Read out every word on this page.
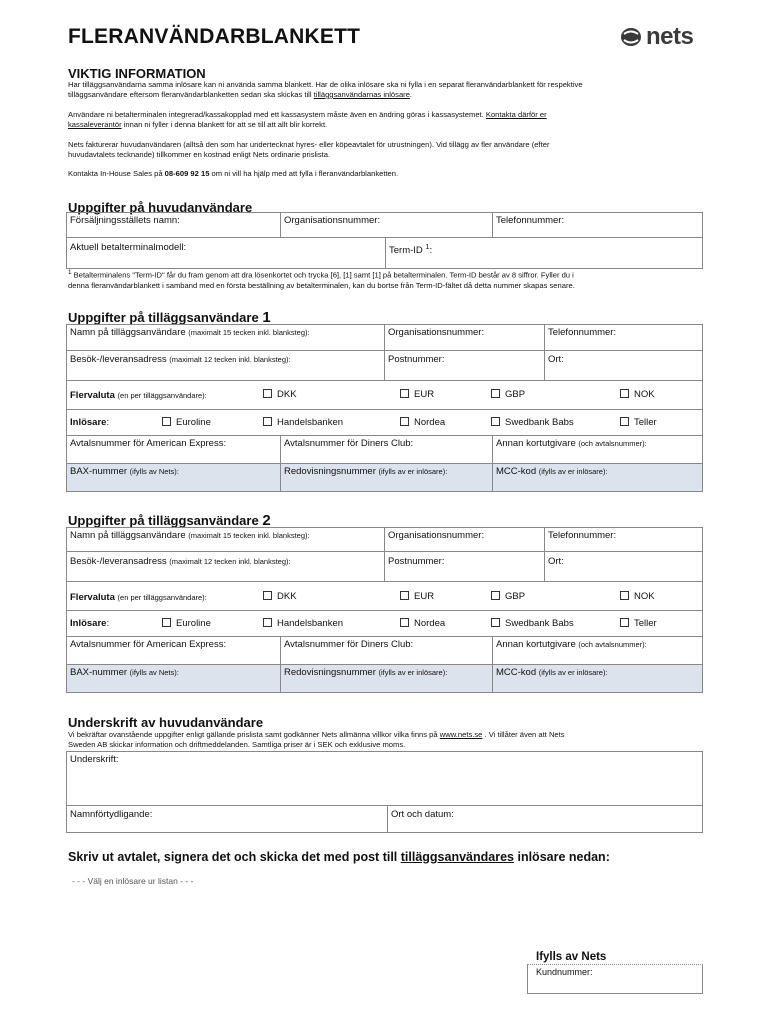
FLERANVÄNDARBLANKETT	nets
VIKTIG INFORMATION
Har tilläggsanvändarna samma inlösare kan ni använda samma blankett. Har de olika inlösare ska ni fylla i en separat fleranvändarblankett för respektive
tilläggsanvändare eftersom fleranvändarblanketten sedan ska skickas till tilläggsanvändarnas inlösare.
Användare ni betalterminalen integrerad/kassakopplad med ett kassasystem måste även en ändring göras i kassasystemet. Kontakta därför er
kassaleverantör innan ni fyller i denna blankett för att se till att allt blir korrekt.
Nets fakturerar huvudanvändaren (alltså den som har undertecknat hyres- eller köpeavtalet för utrustningen). Vid tillägg av fler användare (efter
huvudavtalets tecknande) tillkommer en kostnad enligt Nets ordinarie prislista.
Kontakta In-House Sales på 08-609 92 15 om ni vill ha hjälp med att fylla i fleranvändarblanketten.
Uppgifter på huvudanvändare
Försäljningsställets namn:	Organisationsnummer:	Telefonnummer:
Aktuell betalterminalmodell:	Term-ID $^1$:
$^1$ Betalterminalens "Term-ID" får du fram genom att dra lösenkortet och trycka [6], [1] samt [1] på betalterminalen. Term-ID består av 8 siffror. Fyller du i
denna fleranvändarblankett i samband med en första beställning av betalterminalen, kan du bortse från Term-ID-fältet då detta nummer skapas senare.
Uppgifter på tilläggsanvändare 1
Namn på tilläggsanvändare (maximalt 15 tecken inkl. blanksteg):	Organisationsnummer:	Telefonnummer:
Besök-/leveransadress (maximalt 12 tecken inkl. blanksteg):	Postnummer:	Ort:
Flervaluta (en per tilläggsanvändare):	DKK	EUR	GBP	NOK
Inlösare:	Euroline	Handelsbanken	Nordea	Swedbank Babs	Teller
Avtalsnummer för American Express:	Avtalsnummer för Diners Club:	Annan kortutgivare (och avtalsnummer):
BAX-nummer (ifylls av Nets):	Redovisningsnummer (ifylls av er inlösare):	MCC-kod (ifylls av er inlösare):
Uppgifter på tilläggsanvändare 2
Namn på tilläggsanvändare (maximalt 15 tecken inkl. blanksteg):	Organisationsnummer:	Telefonnummer:
Besök-/leveransadress (maximalt 12 tecken inkl. blanksteg):	Postnummer:	Ort:
Flervaluta (en per tilläggsanvändare):	DKK	EUR	GBP	NOK
Inlösare:	Euroline	Handelsbanken	Nordea	Swedbank Babs	Teller
Avtalsnummer för American Express:	Avtalsnummer för Diners Club:	Annan kortutgivare (och avtalsnummer):
BAX-nummer (ifylls av Nets):	Redovisningsnummer (ifylls av er inlösare):	MCC-kod (ifylls av er inlösare):
Underskrift av huvudanvändare
Vi bekräftar ovanstående uppgifter enligt gällande prislista samt godkänner Nets allmänna villkor vilka finns på www.nets.se . Vi tillåter även att Nets
Sweden AB skickar information och driftmeddelanden. Samtliga priser är i SEK och exklusive moms.
Underskrift:
Namnförtydligande:	Ort och datum:
Skriv ut avtalet, signera det och skicka det med post till tilläggsanvändares inlösare nedan:
- - - Välj en inlösare ur listan - - -
Ifylls av Nets
Kundnummer:
